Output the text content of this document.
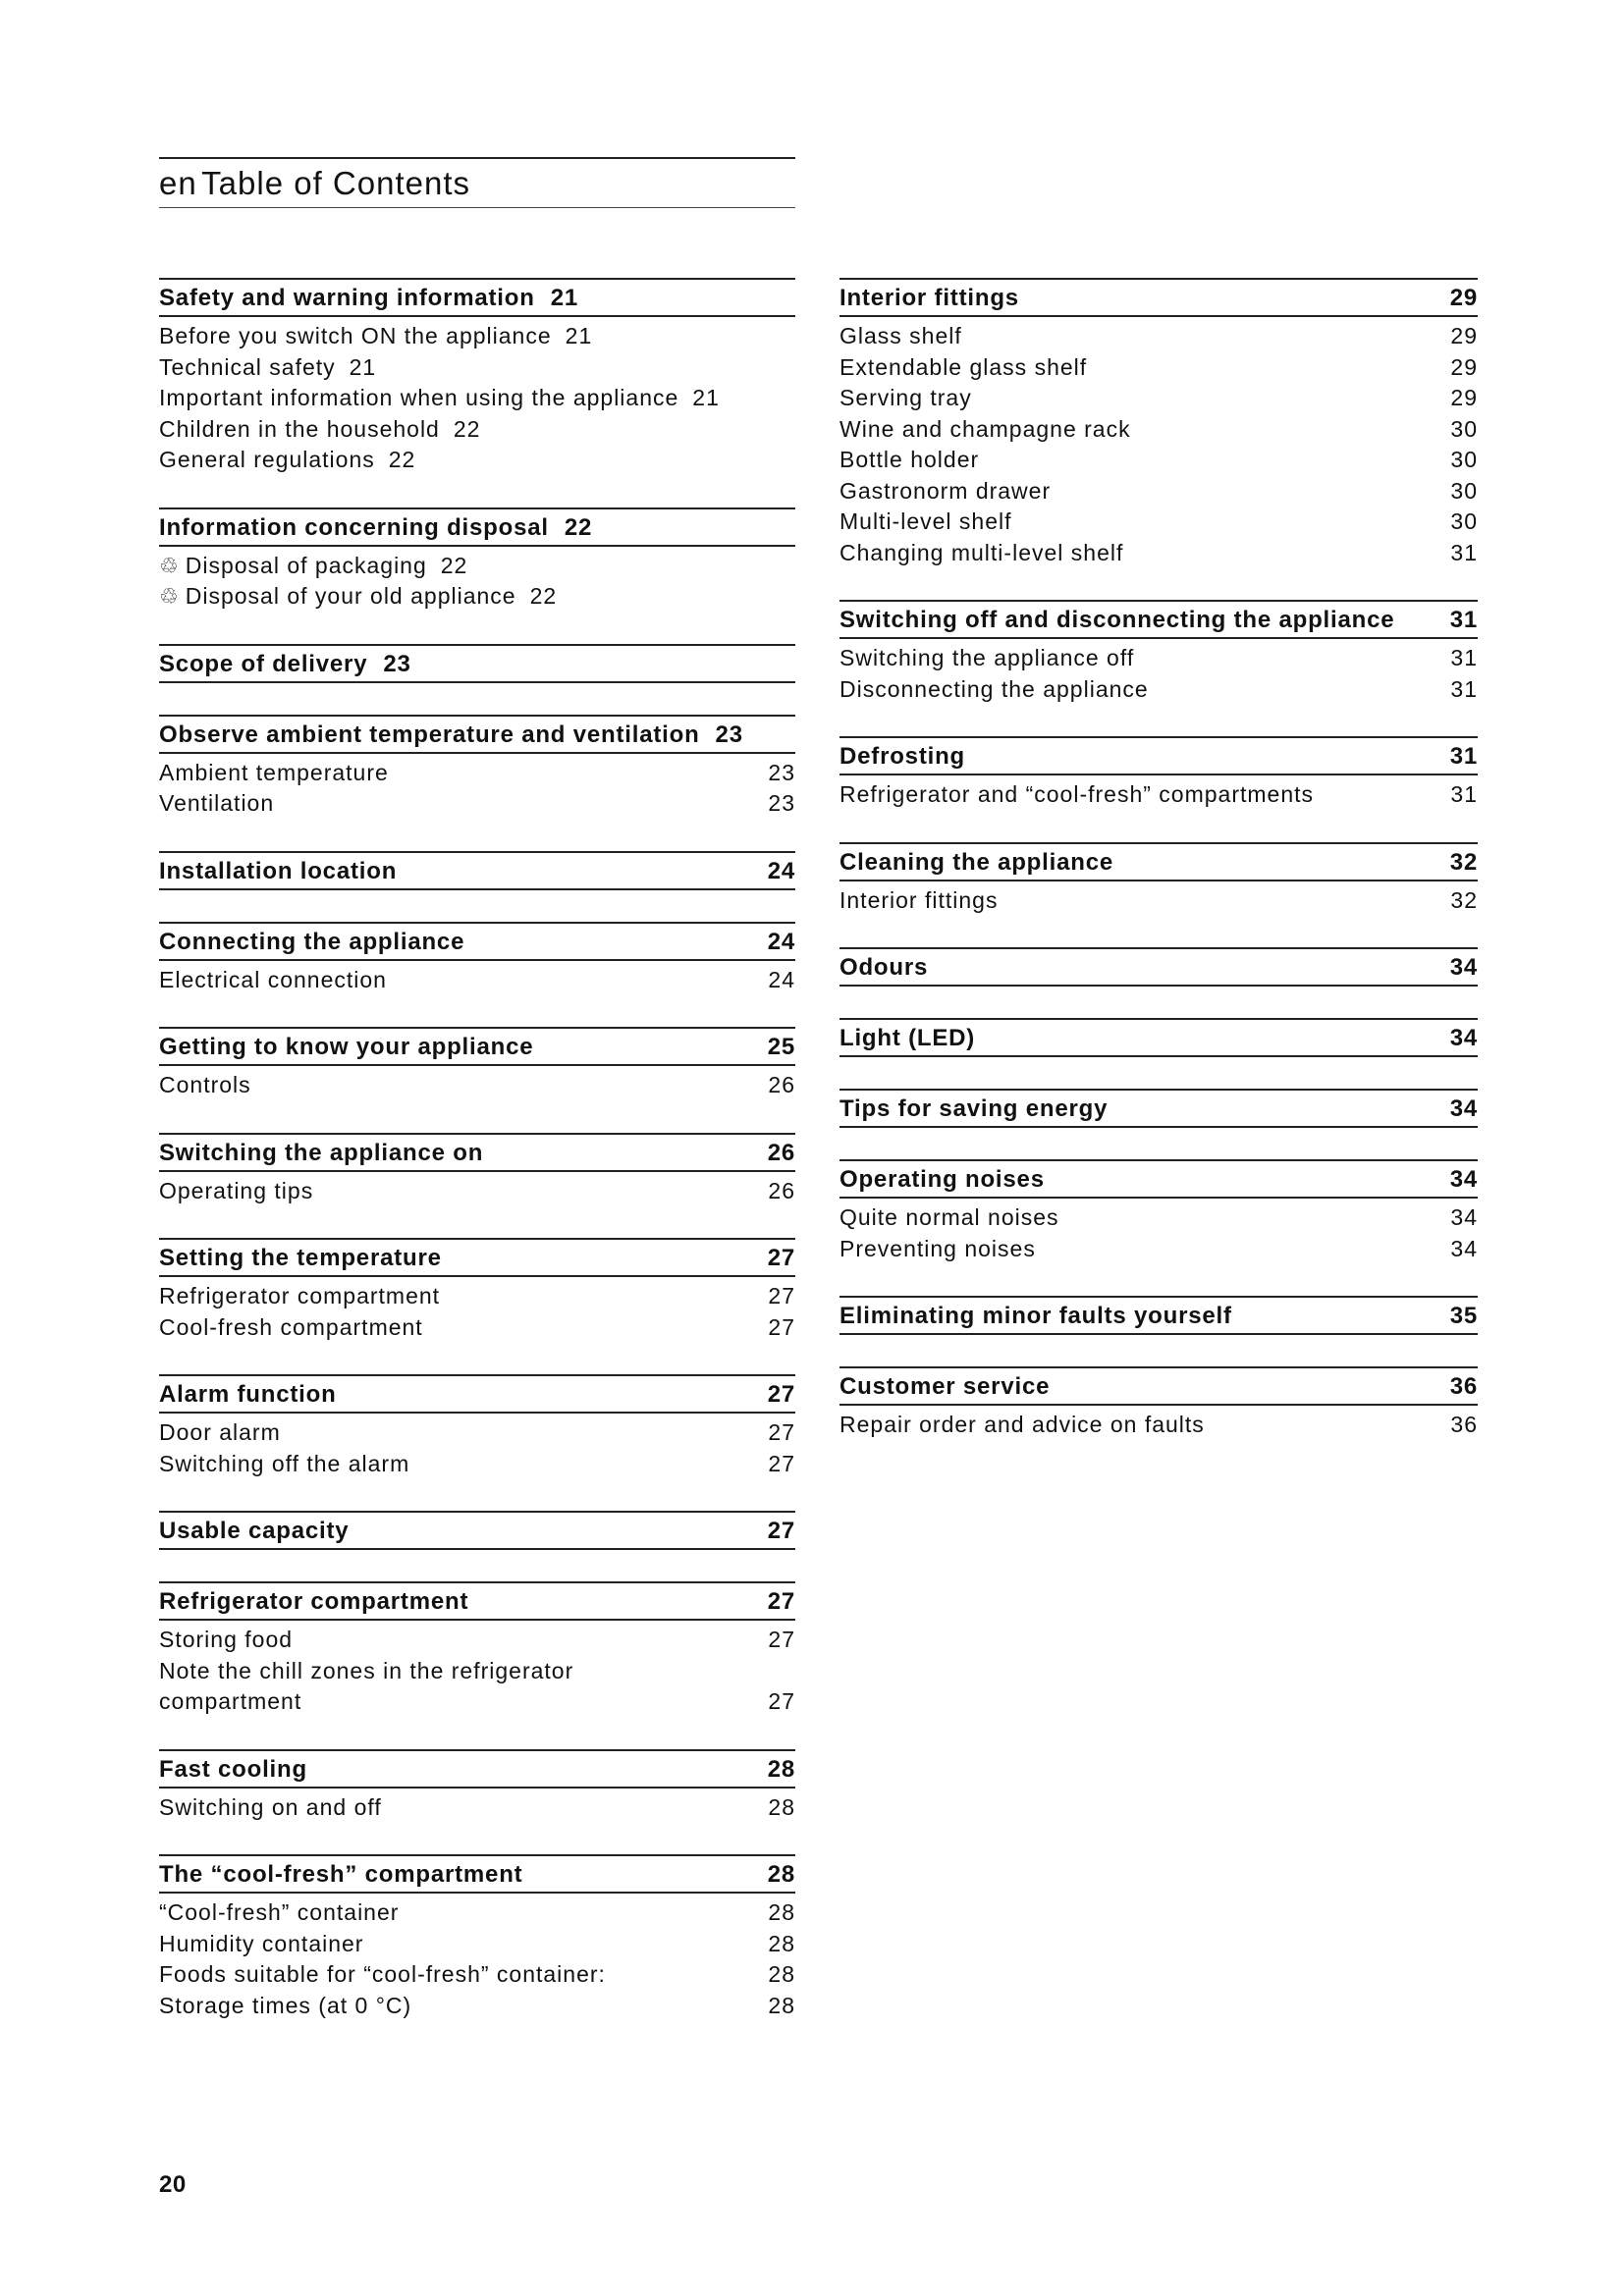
en Table of Contents
Safety and warning information 21
Before you switch ON the appliance 21
Technical safety 21
Important information when using the appliance 21
Children in the household 22
General regulations 22
Information concerning disposal 22
♲ Disposal of packaging 22
♲ Disposal of your old appliance 22
Scope of delivery 23
Observe ambient temperature and ventilation 23
Ambient temperature	23
Ventilation	23
Installation location	24
Connecting the appliance	24
Electrical connection	24
Getting to know your appliance	25
Controls	26
Switching the appliance on	26
Operating tips	26
Setting the temperature	27
Refrigerator compartment	27
Cool-fresh compartment	27
Alarm function	27
Door alarm	27
Switching off the alarm	27
Usable capacity	27
Refrigerator compartment	27
Storing food	27
Note the chill zones in the refrigerator
compartment	27
Fast cooling	28
Switching on and off	28
The “cool-fresh” compartment	28
“Cool-fresh” container	28
Humidity container	28
Foods suitable for “cool-fresh” container:	28
Storage times (at 0 °C)	28
Interior fittings	29
Glass shelf	29
Extendable glass shelf	29
Serving tray	29
Wine and champagne rack	30
Bottle holder	30
Gastronorm drawer	30
Multi-level shelf	30
Changing multi-level shelf	31
Switching off and disconnecting the appliance	31
Switching the appliance off	31
Disconnecting the appliance	31
Defrosting	31
Refrigerator and “cool-fresh” compartments	31
Cleaning the appliance	32
Interior fittings	32
Odours	34
Light (LED)	34
Tips for saving energy	34
Operating noises	34
Quite normal noises	34
Preventing noises	34
Eliminating minor faults yourself	35
Customer service	36
Repair order and advice on faults	36
20
